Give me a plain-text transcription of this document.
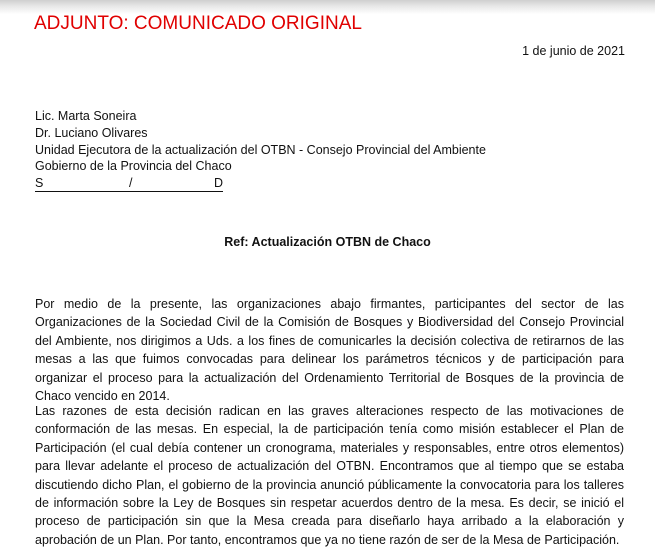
ADJUNTO: COMUNICADO ORIGINAL
1 de junio de 2021
Lic. Marta Soneira
Dr. Luciano Olivares
Unidad Ejecutora de la actualización del OTBN - Consejo Provincial del Ambiente
Gobierno de la Provincia del Chaco
S	/	D
Ref: Actualización OTBN de Chaco
Por medio de la presente, las organizaciones abajo firmantes, participantes del sector de las Organizaciones de la Sociedad Civil de la Comisión de Bosques y Biodiversidad del Consejo Provincial del Ambiente, nos dirigimos a Uds. a los fines de comunicarles la decisión colectiva de retirarnos de las mesas a las que fuimos convocadas para delinear los parámetros técnicos y de participación para organizar el proceso para la actualización del Ordenamiento Territorial de Bosques de la provincia de Chaco vencido en 2014.
Las razones de esta decisión radican en las graves alteraciones respecto de las motivaciones de conformación de las mesas. En especial, la de participación tenía como misión establecer el Plan de Participación (el cual debía contener un cronograma, materiales y responsables, entre otros elementos) para llevar adelante el proceso de actualización del OTBN. Encontramos que al tiempo que se estaba discutiendo dicho Plan, el gobierno de la provincia anunció públicamente la convocatoria para los talleres de información sobre la Ley de Bosques sin respetar acuerdos dentro de la mesa. Es decir, se inició el proceso de participación sin que la Mesa creada para diseñarlo haya arribado a la elaboración y aprobación de un Plan. Por tanto, encontramos que ya no tiene razón de ser de la Mesa de Participación.
